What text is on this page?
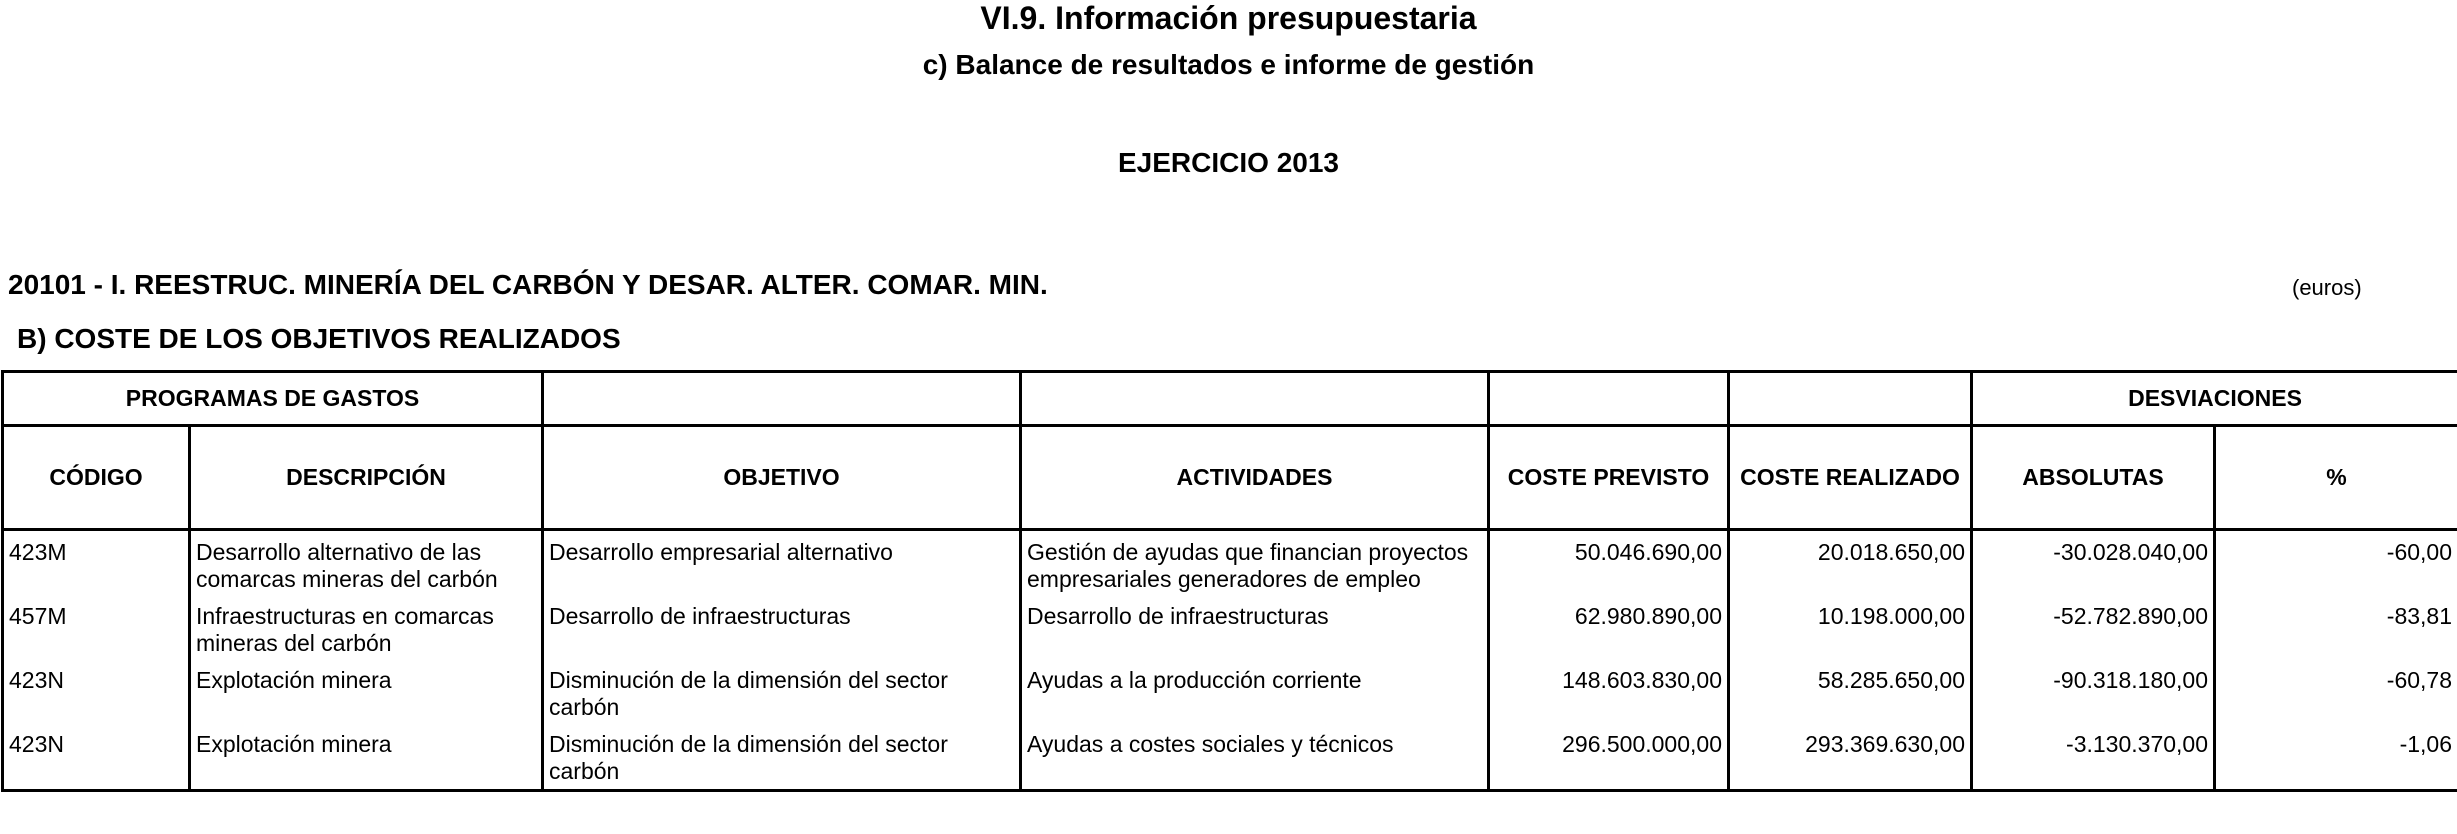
VI.9. Información presupuestaria
c) Balance de resultados e informe de gestión
EJERCICIO 2013
20101 - I. REESTRUC. MINERÍA DEL CARBÓN Y DESAR. ALTER. COMAR. MIN.	(euros)
B) COSTE DE LOS OBJETIVOS REALIZADOS
PROGRAMAS DE GASTOS						DESVIACIONES	
CÓDIGO	DESCRIPCIÓN	OBJETIVO	ACTIVIDADES	COSTE PREVISTO	COSTE REALIZADO	ABSOLUTAS	%
423M	Desarrollo alternativo de las comarcas mineras del carbón	Desarrollo empresarial alternativo	Gestión de ayudas que financian proyectos empresariales generadores de empleo	50.046.690,00	20.018.650,00	-30.028.040,00	-60,00
457M	Infraestructuras en comarcas mineras del carbón	Desarrollo de infraestructuras	Desarrollo de infraestructuras	62.980.890,00	10.198.000,00	-52.782.890,00	-83,81
423N	Explotación minera	Disminución de la dimensión del sector carbón	Ayudas a la producción corriente	148.603.830,00	58.285.650,00	-90.318.180,00	-60,78
423N	Explotación minera	Disminución de la dimensión del sector carbón	Ayudas a costes sociales y técnicos	296.500.000,00	293.369.630,00	-3.130.370,00	-1,06
